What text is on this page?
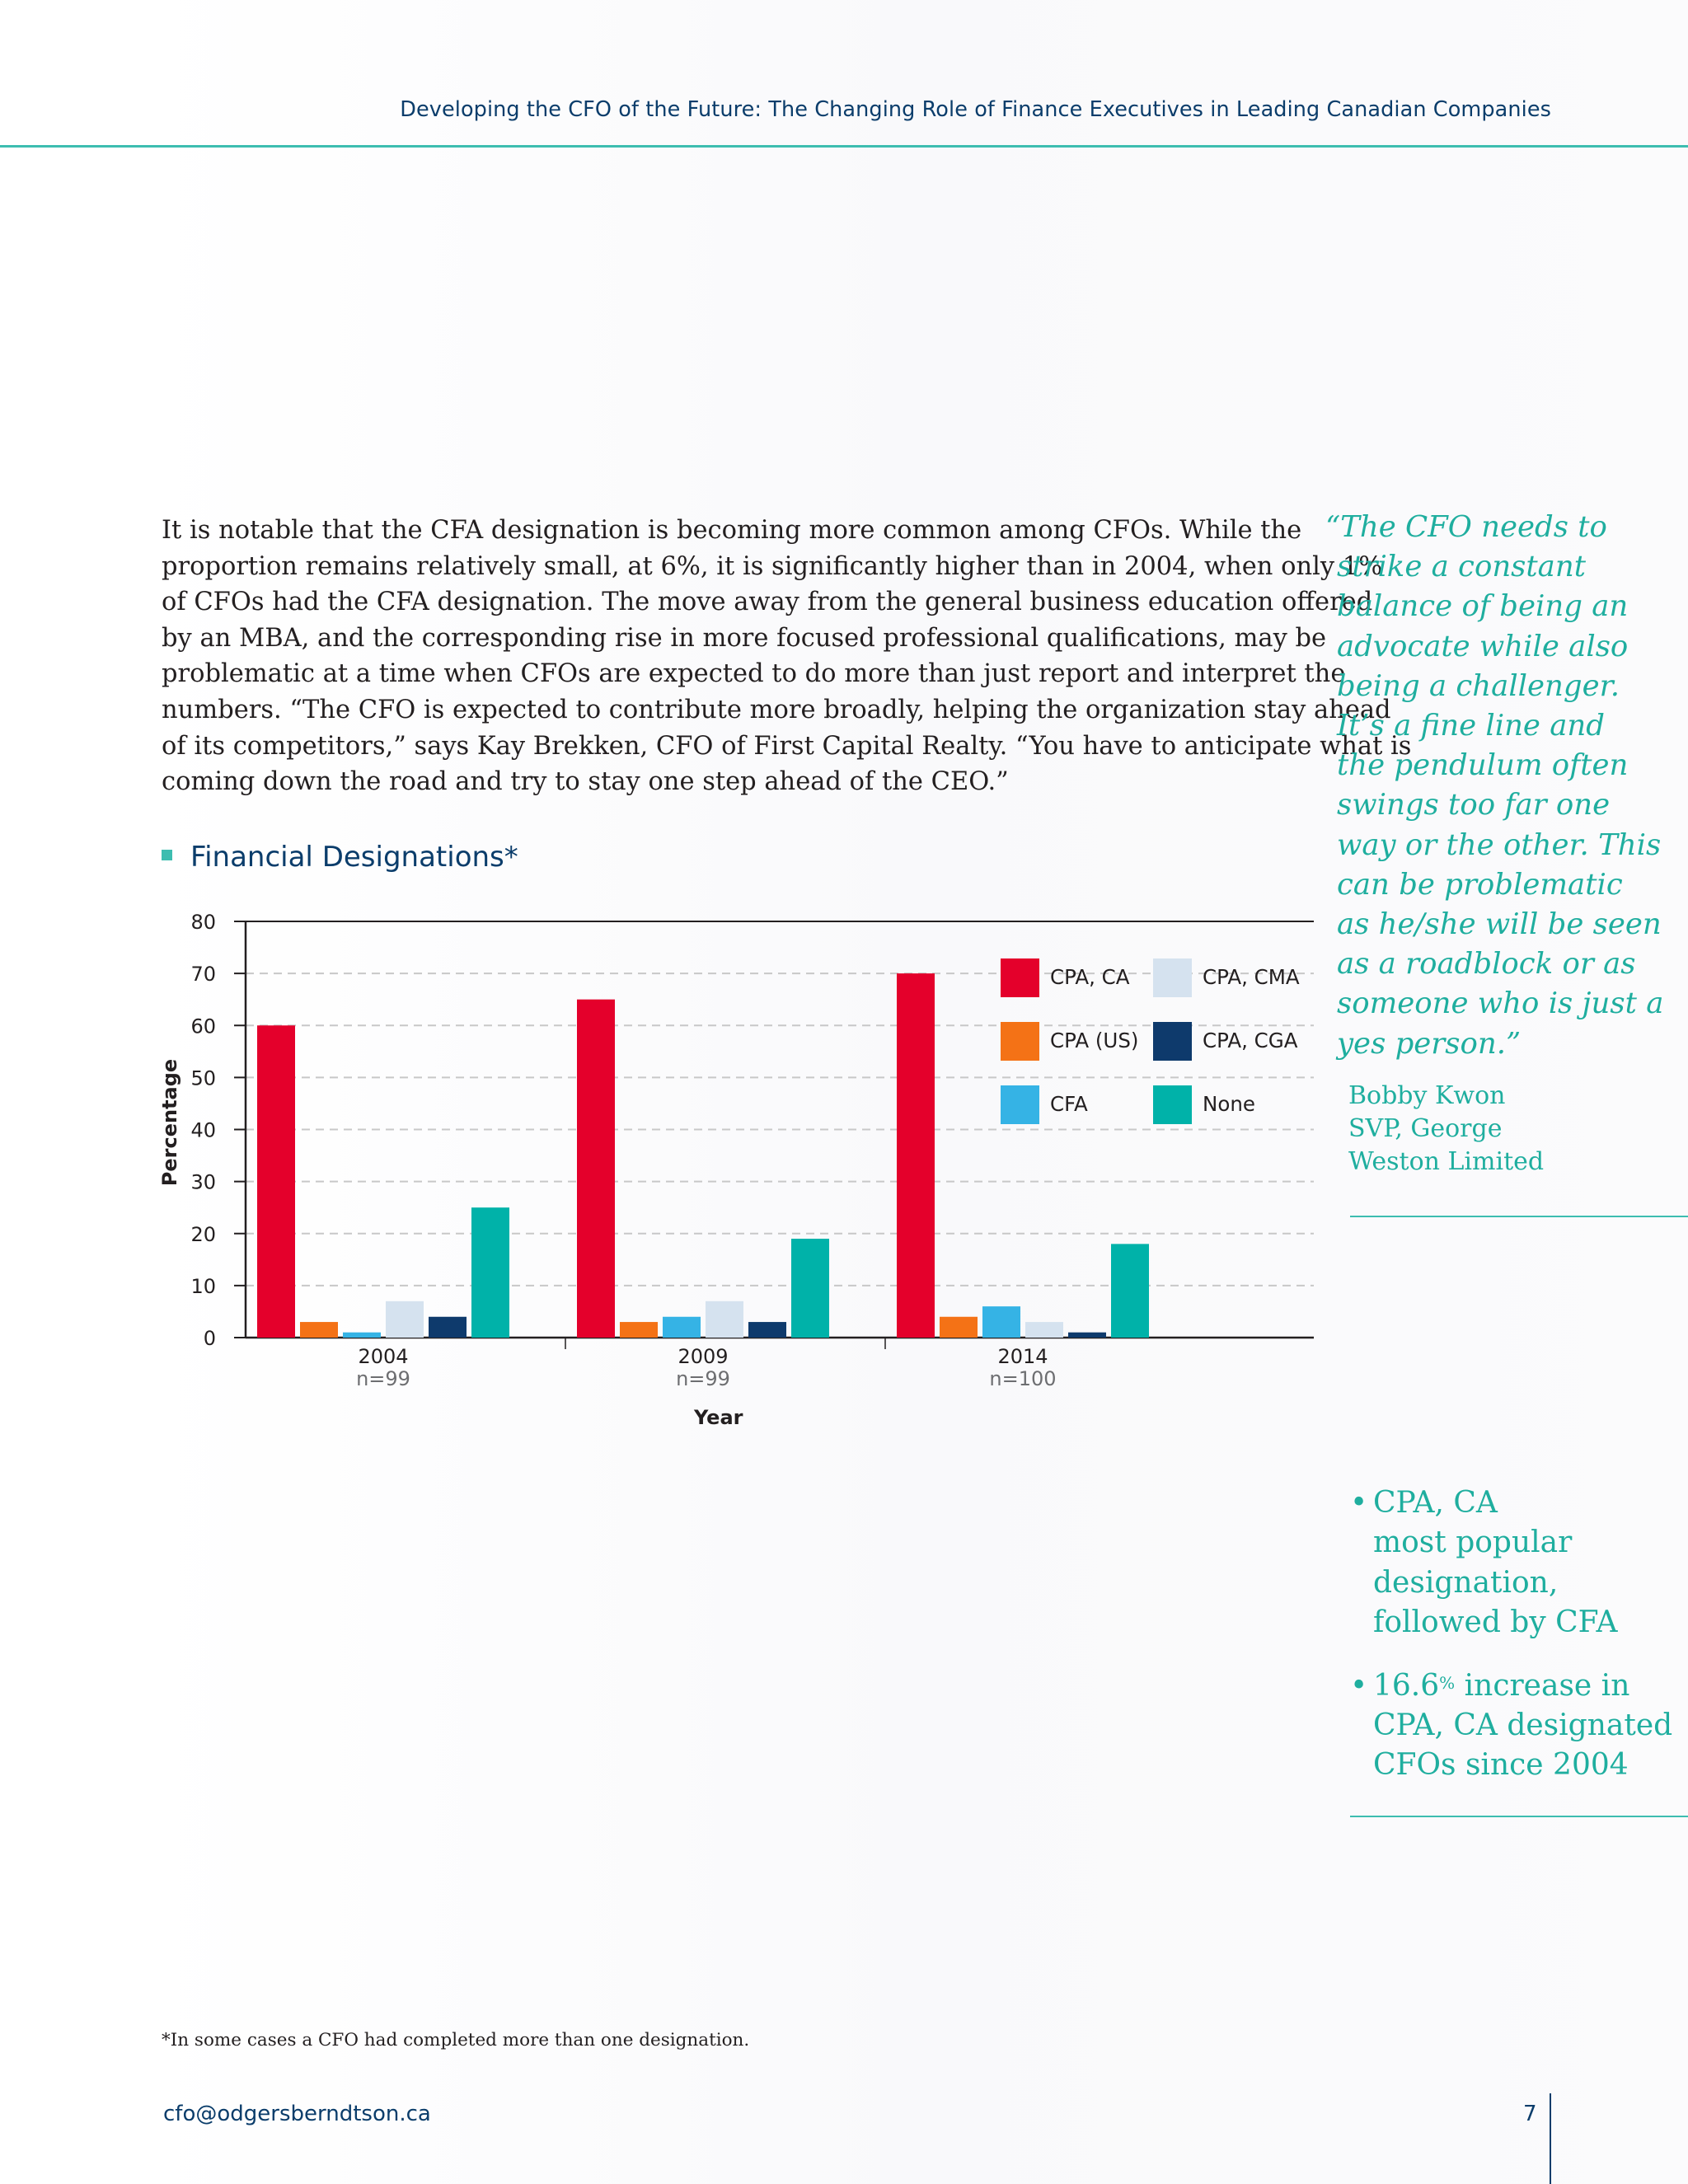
Developing the CFO of the Future: The Changing Role of Finance Executives in Leading Canadian Companies
It is notable that the CFA designation is becoming more common among CFOs. While the
proportion remains relatively small, at 6%, it is significantly higher than in 2004, when only 1%
of CFOs had the CFA designation. The move away from the general business education offered
by an MBA, and the corresponding rise in more focused professional qualifications, may be
problematic at a time when CFOs are expected to do more than just report and interpret the
numbers. “The CFO is expected to contribute more broadly, helping the organization stay ahead
of its competitors,” says Kay Brekken, CFO of First Capital Realty. “You have to anticipate what is
coming down the road and try to stay one step ahead of the CEO.”
Financial Designations*
0
10
20
30
40
50
60
70
80
2004
n=99
2009
n=99
2014
n=100
Percentage
Year
CPA, CA	CPA, CMA
CPA (US)	CPA, CGA
CFA	None
“The CFO needs to
strike a constant
balance of being an
advocate while also
being a challenger.
It’s a fine line and
the pendulum often
swings too far one
way or the other. This
can be problematic
as he/she will be seen
as a roadblock or as
someone who is just a
yes person.”
Bobby Kwon
SVP, George
Weston Limited
• CPA, CA
most popular
designation,
followed by CFA
• 16.6% increase in
CPA, CA designated
CFOs since 2004
*In some cases a CFO had completed more than one designation.
cfo@odgersberndtson.ca	7
